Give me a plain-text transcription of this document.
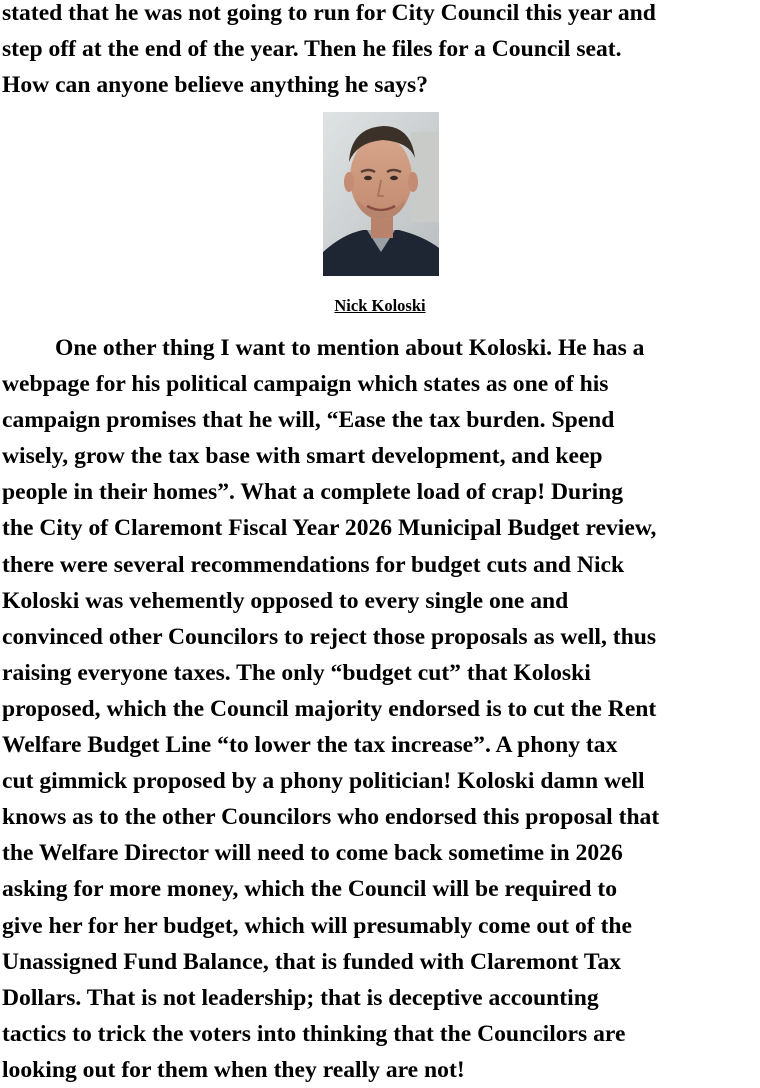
stated that he was not going to run for City Council this year and
step off at the end of the year. Then he files for a Council seat.
How can anyone believe anything he says?
Nick Koloski
One other thing I want to mention about Koloski. He has a
webpage for his political campaign which states as one of his
campaign promises that he will, “Ease the tax burden. Spend
wisely, grow the tax base with smart development, and keep
people in their homes”. What a complete load of crap! During
the City of Claremont Fiscal Year 2026 Municipal Budget review,
there were several recommendations for budget cuts and Nick
Koloski was vehemently opposed to every single one and
convinced other Councilors to reject those proposals as well, thus
raising everyone taxes. The only “budget cut” that Koloski
proposed, which the Council majority endorsed is to cut the Rent
Welfare Budget Line “to lower the tax increase”. A phony tax
cut gimmick proposed by a phony politician! Koloski damn well
knows as to the other Councilors who endorsed this proposal that
the Welfare Director will need to come back sometime in 2026
asking for more money, which the Council will be required to
give her for her budget, which will presumably come out of the
Unassigned Fund Balance, that is funded with Claremont Tax
Dollars. That is not leadership; that is deceptive accounting
tactics to trick the voters into thinking that the Councilors are
looking out for them when they really are not!
